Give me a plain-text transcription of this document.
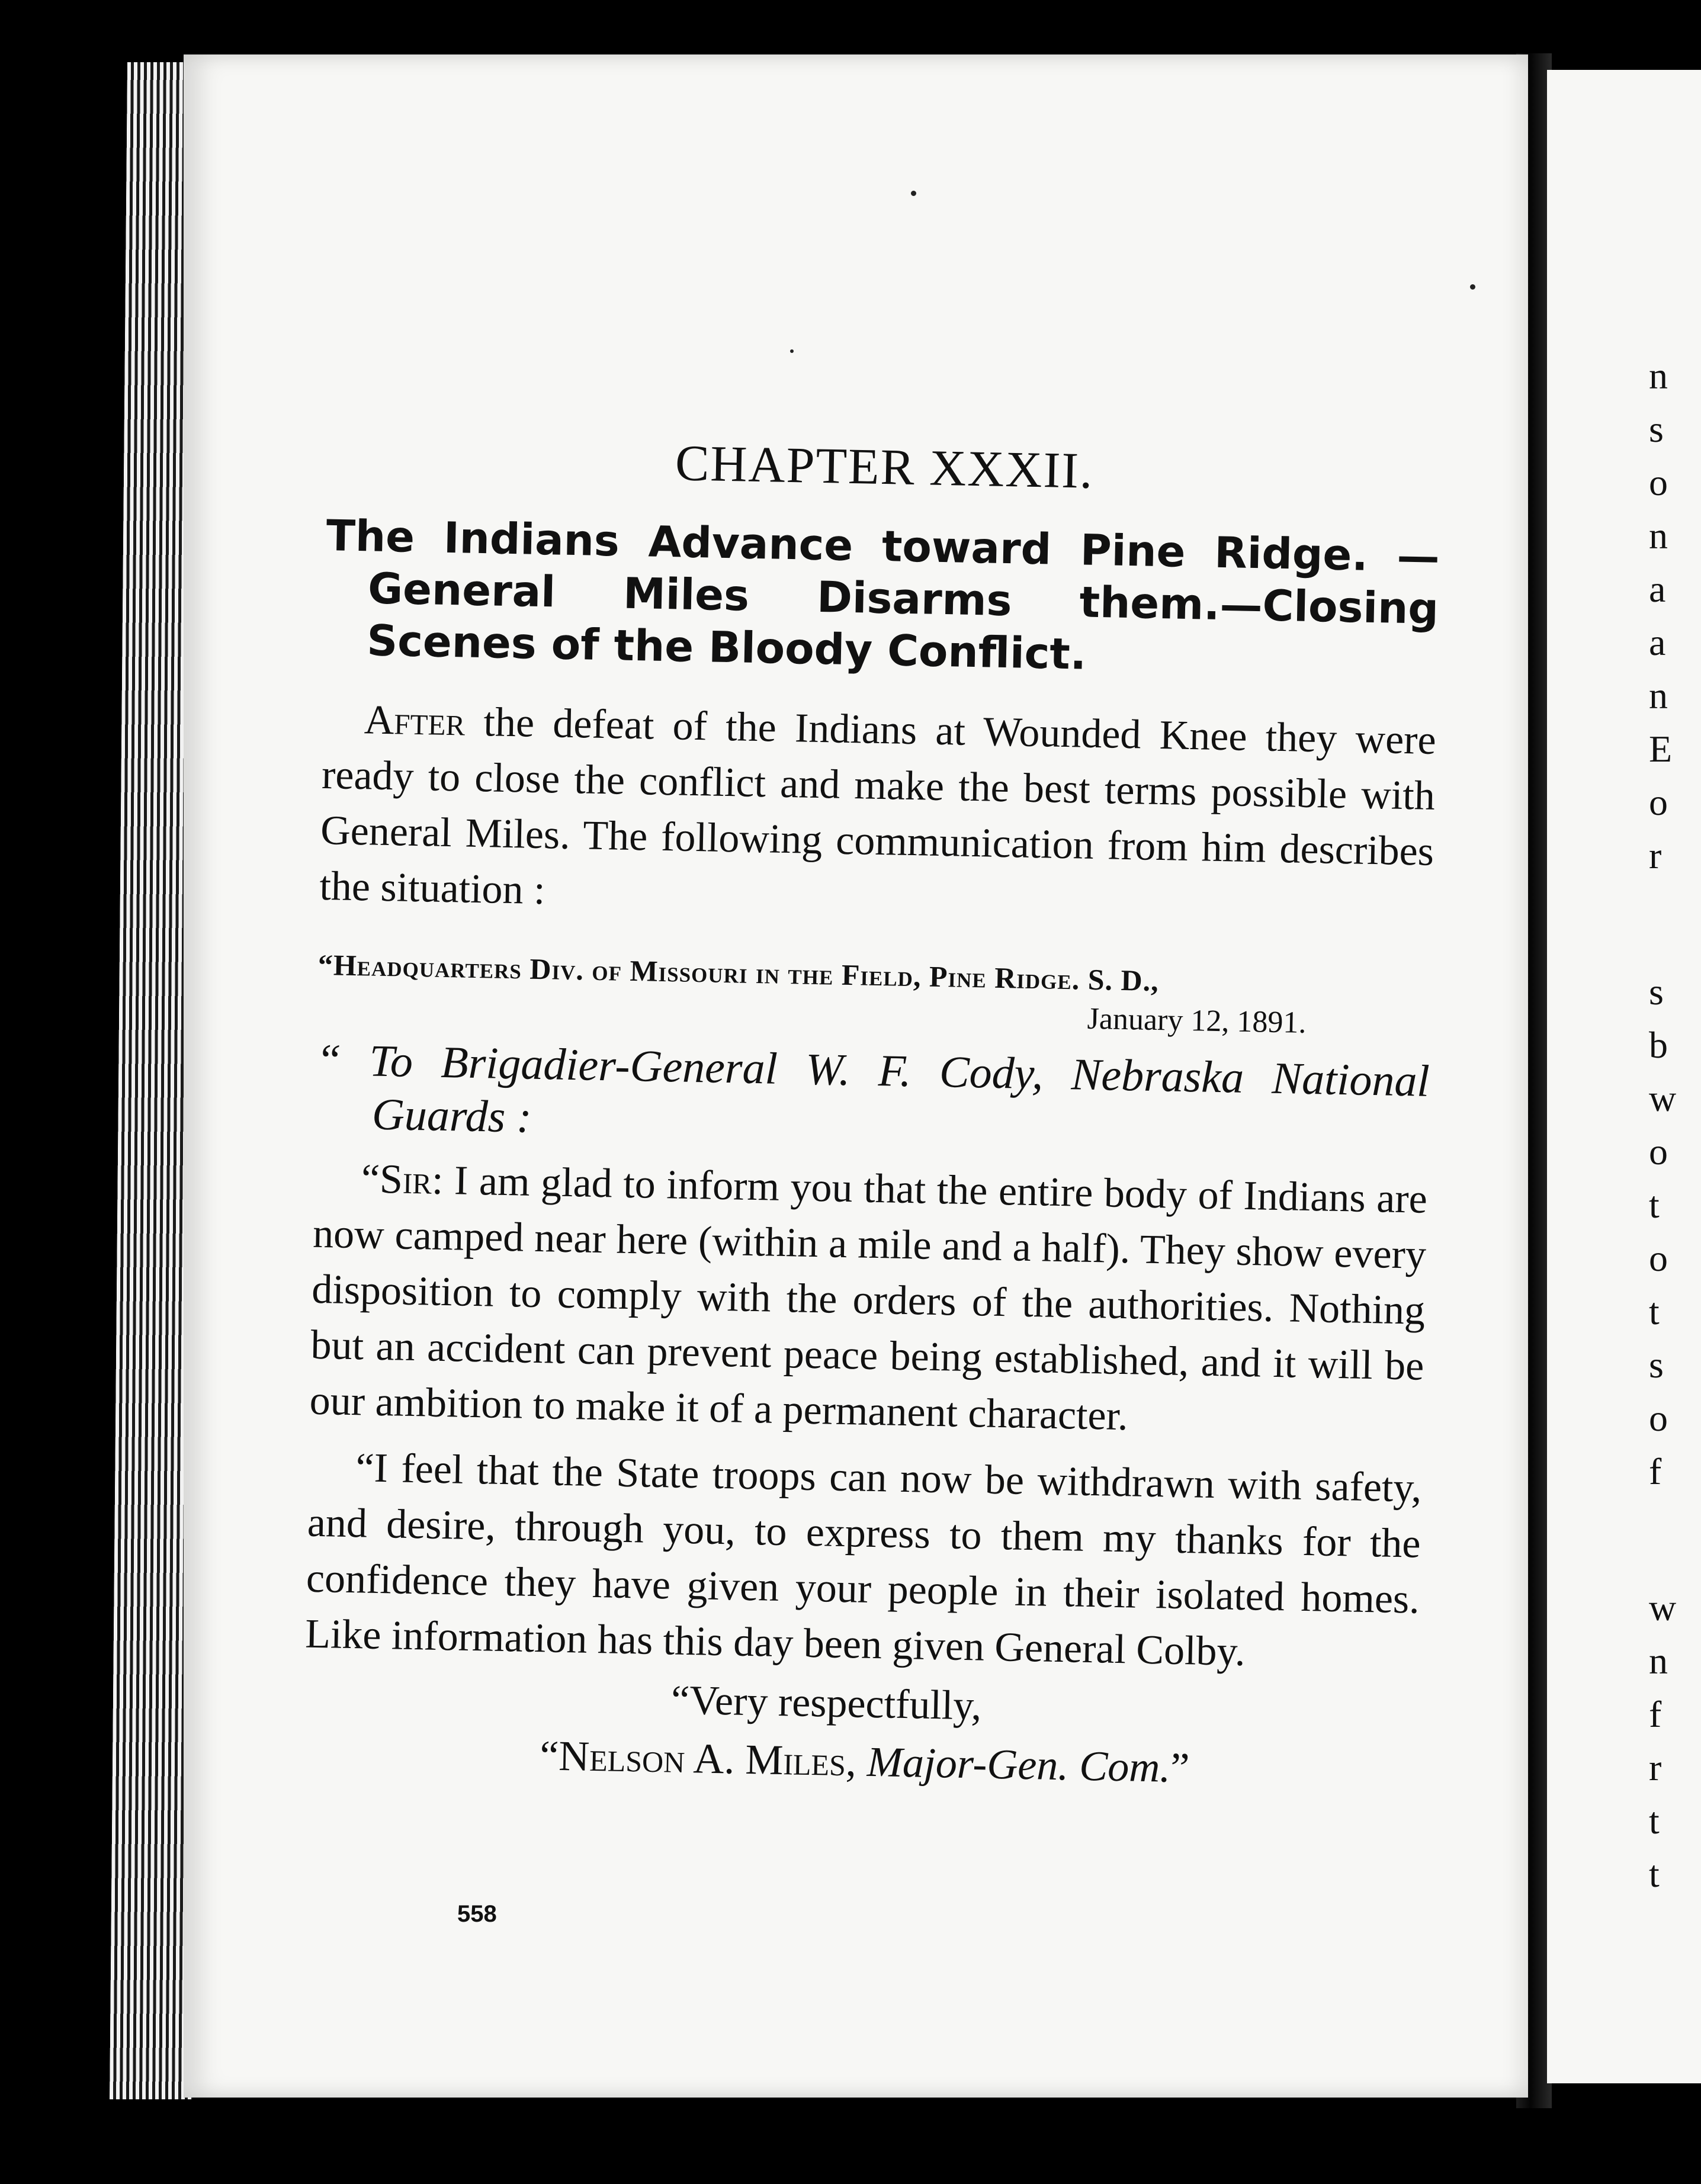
CHAPTER XXXII.
The Indians Advance toward Pine Ridge. —General Miles Disarms them.—Closing Scenes of the Bloody Conflict.

After the defeat of the Indians at Wounded Knee they were ready to close the conflict and make the best terms possible with General Miles. The following communication from him describes the situation :

“Headquarters Div. of Missouri in the Field, Pine Ridge. S. D.,
January 12, 1891.
“ To Brigadier-General W. F. Cody, Nebraska National Guards :

“Sir: I am glad to inform you that the entire body of Indians are now camped near here (within a mile and a half). They show every disposition to comply with the orders of the authorities. Nothing but an accident can prevent peace being established, and it will be our ambition to make it of a permanent character.

“I feel that the State troops can now be withdrawn with safety, and desire, through you, to express to them my thanks for the confidence they have given your people in their isolated homes. Like information has this day been given General Colby.

“Very respectfully,
“Nelson A. Miles, Major-Gen. Com.”
558
n
s
o
n
a
a
n
E
o
r
s
b
w
o
t
o
t
s
o
f
w
n
f
r
t
t
